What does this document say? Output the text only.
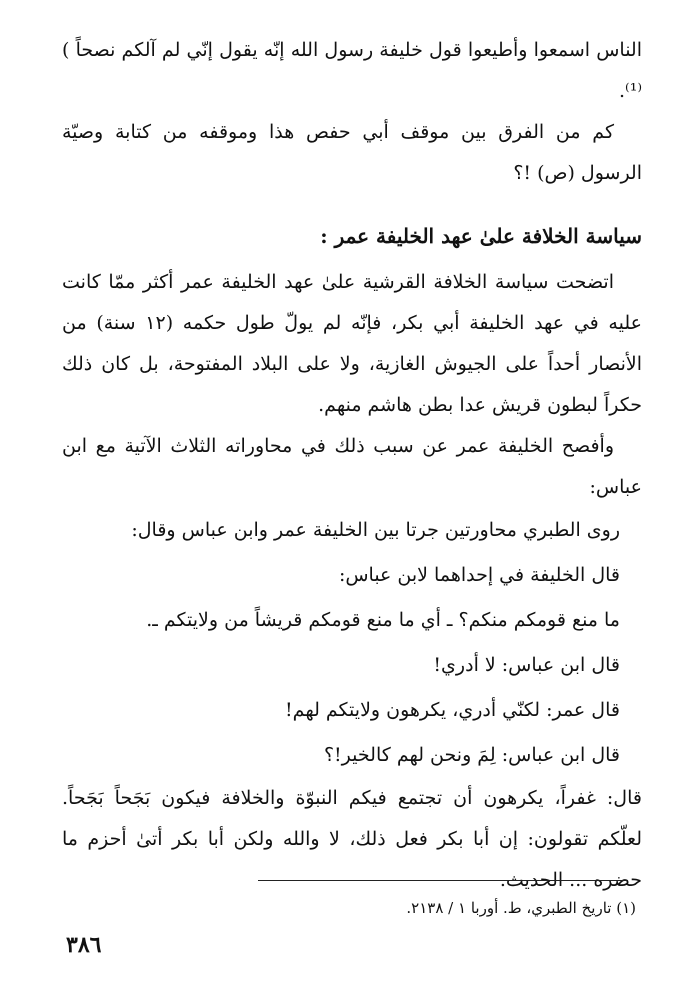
الناس اسمعوا وأطيعوا قول خليفة رسول الله إنّه يقول إنّي لم آلكم نصحاً )⁽¹⁾.

كم من الفرق بين موقف أبي حفص هذا وموقفه من كتابة وصيّة الرسول (ص) !؟

سياسة الخلافة علىٰ عهد الخليفة عمر :

اتضحت سياسة الخلافة القرشية علىٰ عهد الخليفة عمر أكثر ممّا كانت عليه في عهد الخليفة أبي بكر، فإنّه لم يولّ طول حكمه (١٢ سنة) من الأنصار أحداً على الجيوش الغازية، ولا على البلاد المفتوحة، بل كان ذلك حكراً لبطون قريش عدا بطن هاشم منهم.

وأفصح الخليفة عمر عن سبب ذلك في محاوراته الثلاث الآتية مع ابن عباس:

روى الطبري محاورتين جرتا بين الخليفة عمر وابن عباس وقال:
قال الخليفة في إحداهما لابن عباس:
ما منع قومكم منكم؟ ـ أي ما منع قومكم قريشاً من ولايتكم ـ.
قال ابن عباس: لا أدري!
قال عمر: لكنّي أدري، يكرهون ولايتكم لهم!
قال ابن عباس: لِمَ ونحن لهم كالخير!؟

قال: غفراً، يكرهون أن تجتمع فيكم النبوّة والخلافة فيكون بَجَحاً بَجَحاً. لعلّكم تقولون: إن أبا بكر فعل ذلك، لا والله ولكن أبا بكر أتىٰ أحزم ما حضره ... الحديث.

(١) تاريخ الطبري، ط. أوربا ١ / ٢١٣٨.
٣٨٦
